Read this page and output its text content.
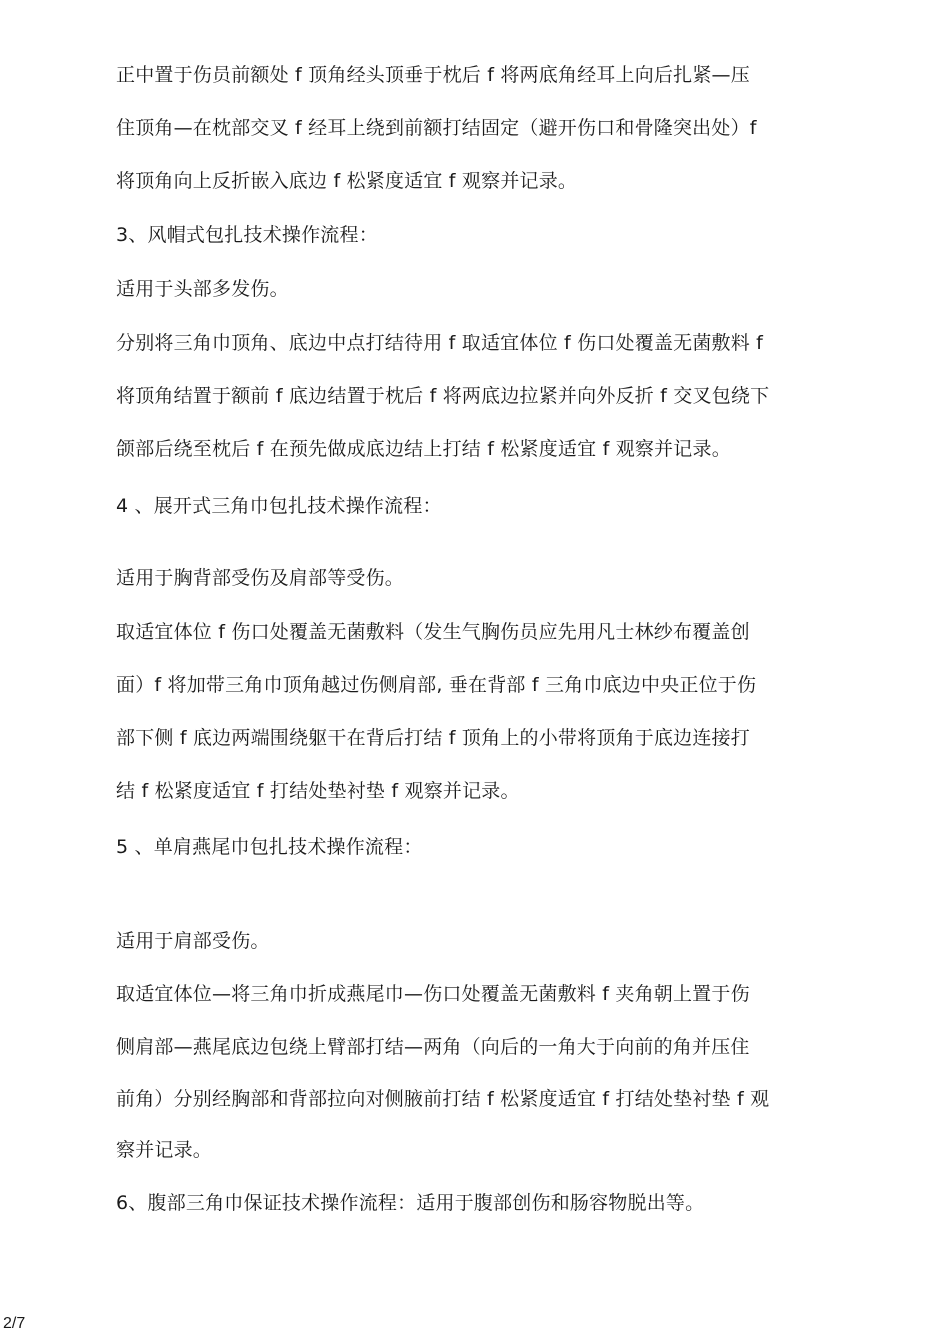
正中置于伤员前额处 f 顶角经头顶垂于枕后 f 将两底角经耳上向后扎紧—压
住顶角—在枕部交叉 f 经耳上绕到前额打结固定（避开伤口和骨隆突出处）f
将顶角向上反折嵌入底边 f 松紧度适宜 f 观察并记录。
3、风帽式包扎技术操作流程：
适用于头部多发伤。
分别将三角巾顶角、底边中点打结待用 f 取适宜体位 f 伤口处覆盖无菌敷料 f
将顶角结置于额前 f 底边结置于枕后 f 将两底边拉紧并向外反折 f 交叉包绕下
颌部后绕至枕后 f 在预先做成底边结上打结 f 松紧度适宜 f 观察并记录。
4 、展开式三角巾包扎技术操作流程：
适用于胸背部受伤及肩部等受伤。
取适宜体位 f 伤口处覆盖无菌敷料（发生气胸伤员应先用凡士林纱布覆盖创
面）f 将加带三角巾顶角越过伤侧肩部, 垂在背部 f 三角巾底边中央正位于伤
部下侧 f 底边两端围绕躯干在背后打结 f 顶角上的小带将顶角于底边连接打
结 f 松紧度适宜 f 打结处垫衬垫 f 观察并记录。
5 、单肩燕尾巾包扎技术操作流程：
适用于肩部受伤。
取适宜体位—将三角巾折成燕尾巾—伤口处覆盖无菌敷料 f 夹角朝上置于伤
侧肩部—燕尾底边包绕上臂部打结—两角（向后的一角大于向前的角并压住
前角）分别经胸部和背部拉向对侧腋前打结 f 松紧度适宜 f 打结处垫衬垫 f 观
察并记录。
6、腹部三角巾保证技术操作流程：适用于腹部创伤和肠容物脱出等。
2/7
